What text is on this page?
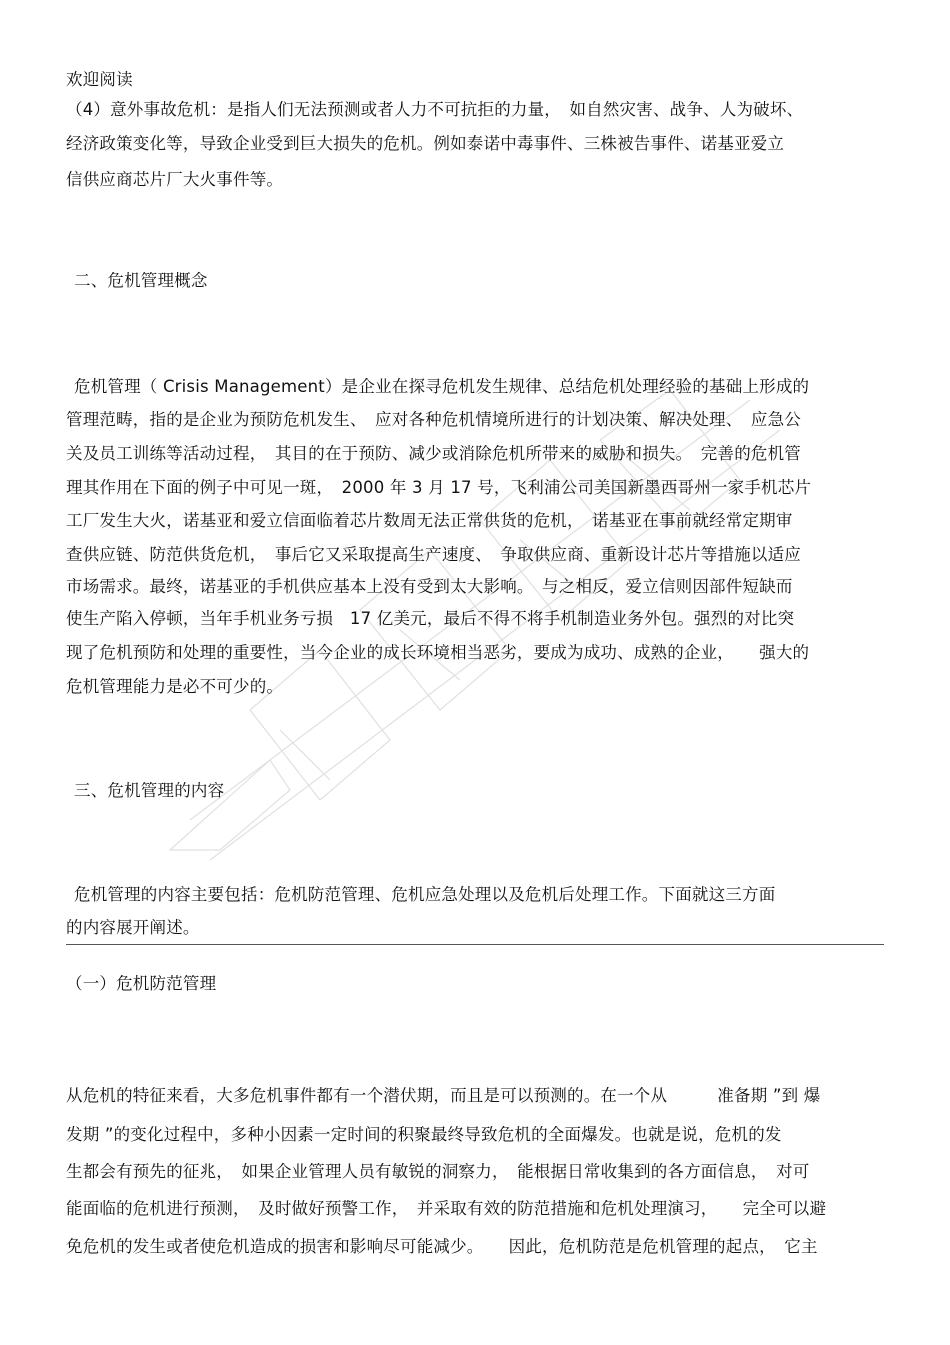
欢迎阅读
（4）意外事故危机：是指人们无法预测或者人力不可抗拒的力量，　如自然灾害、战争、人为破坏、
经济政策变化等，导致企业受到巨大损失的危机。例如泰诺中毒事件、三株被告事件、诺基亚爱立
信供应商芯片厂大火事件等。
二、危机管理概念
危机管理（ Crisis Management）是企业在探寻危机发生规律、总结危机处理经验的基础上形成的
管理范畴，指的是企业为预防危机发生、　应对各种危机情境所进行的计划决策、解决处理、　应急公
关及员工训练等活动过程，　其目的在于预防、减少或消除危机所带来的威胁和损失。　完善的危机管
理其作用在下面的例子中可见一斑，　2000 年 3 月 17 号，飞利浦公司美国新墨西哥州一家手机芯片
工厂发生大火，诺基亚和爱立信面临着芯片数周无法正常供货的危机，　诺基亚在事前就经常定期审
查供应链、防范供货危机，　事后它又采取提高生产速度、　争取供应商、重新设计芯片等措施以适应
市场需求。最终，诺基亚的手机供应基本上没有受到太大影响。　与之相反，爱立信则因部件短缺而
使生产陷入停顿，当年手机业务亏损　17 亿美元，最后不得不将手机制造业务外包。强烈的对比突
现了危机预防和处理的重要性，当今企业的成长环境相当恶劣，要成为成功、成熟的企业，　　强大的
危机管理能力是必不可少的。
三、危机管理的内容
危机管理的内容主要包括：危机防范管理、危机应急处理以及危机后处理工作。下面就这三方面
的内容展开阐述。
（一）危机防范管理
从危机的特征来看，大多危机事件都有一个潜伏期，而且是可以预测的。在一个从　　　准备期 ”到 爆
发期 ”的变化过程中，多种小因素一定时间的积聚最终导致危机的全面爆发。也就是说，危机的发
生都会有预先的征兆，　如果企业管理人员有敏锐的洞察力，　能根据日常收集到的各方面信息，　对可
能面临的危机进行预测，　及时做好预警工作，　并采取有效的防范措施和危机处理演习，　　完全可以避
免危机的发生或者使危机造成的损害和影响尽可能减少。　　因此，危机防范是危机管理的起点，　它主
